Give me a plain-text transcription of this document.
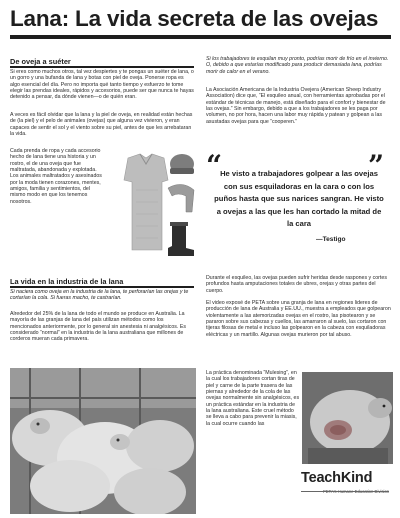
Lana: La vida secreta de las ovejas
De oveja a suéter

Si eres como muchos otros, tal vez despiertes y te pongas un suéter de lana, o un gorro y una bufanda de lana y botas con piel de oveja. Ponerse ropa es algo esencial del día. Pero no importa qué tanto tiempo y esfuerzo te tome elegir las prendas ideales, rápidos y accesorios, puede ser que nunca te hayas detenido a pensar, da dónde vienen—o de quién eran.

A veces es fácil olvidar que la lana y la piel de oveja, en realidad están hechas de (la piel) y el pelo de animales (ovejas) que alguna vez vivieron, y eran capaces de sentir el sol y el viento sobre su piel, antes de que les arrebataran la vida.

Cada prenda de ropa y cada accesorio hecho de lana tiene una historia y un rostro, el de una oveja que fue maltratada, abandonada y explotada. Los animales maltratados y asesinados por la moda tienen corazones, mentes, amigos, familia y sentimientos, del mismo modo en que los tenemos nosotros.

La vida en la industria de la lana

Si naciera como oveja en la industria de la lana, te perforarían las orejas y te cortarían la cola. Si fueras macho, te castrarían.

Alrededor del 25% de la lana de todo el mundo se produce en Australia. La mayoría de las granjas de lana del país utilizan métodos como los mencionados anteriormente, por lo general sin anestesia ni analgésicos. Es considerado “normal” en la industria de la lana australiana que millones de corderos mueran cada primavera.

Si los trabajadores te esquilan muy pronto, podrías morir de frío en el invierno. O, debido a que estarías modificado para producir demasiada lana, podrías morir de calor en el verano.

La Asociación Americana de la Industria Ovejera (American Sheep Industry Association) dice que, “El esquileo anual, con herramientas aprobadas por el estándar de técnicas de manejo, está diseñado para el confort y bienestar de las ovejas.” Sin embargo, debido a que a los trabajadores se les paga por volumen, no por hora, hacen una labor muy rápida y patean y golpean a las asustadas ovejas para que “cooperen.”

“	”
He visto a trabajadores golpear a las ovejas con sus esquiladoras en la cara o con los puños hasta que sus narices sangran. He visto a ovejas a las que les han cortado la mitad de la cara
—Testigo

Durante el esquileo, las ovejas pueden sufrir heridas desde raspones y cortes profundos hasta amputaciones totales de ubres, orejas y otras partes del cuerpo.

El video exposé de PETA sobre una granja de lana en regiones lideres de producción de lana de Australia y EE.UU., muestra a empleados que golpearon violentamente a las atemorizadas ovejas en el rostro, las pisotearon y se pararon sobre sus cabezas y cuellos, las amarraron al suelo, las cortaron con tijeras filosas de metal e incluso las golpearon en la cabeza con esquiladoras eléctricas y un martillo. Algunas ovejas murieron por tal abuso.

La práctica denominada “Mulesing”, en la cual los trabajadores cortan tiras de piel y carne de la parte trasera de las piernas y alrededor de la cola de las ovejas normalmente sin analgésicos, es un práctica estándar en la industria de la lana australiana. Este cruel método se lleva a cabo para prevenir la miasis, la cual ocurre cuando las

TeachKind
